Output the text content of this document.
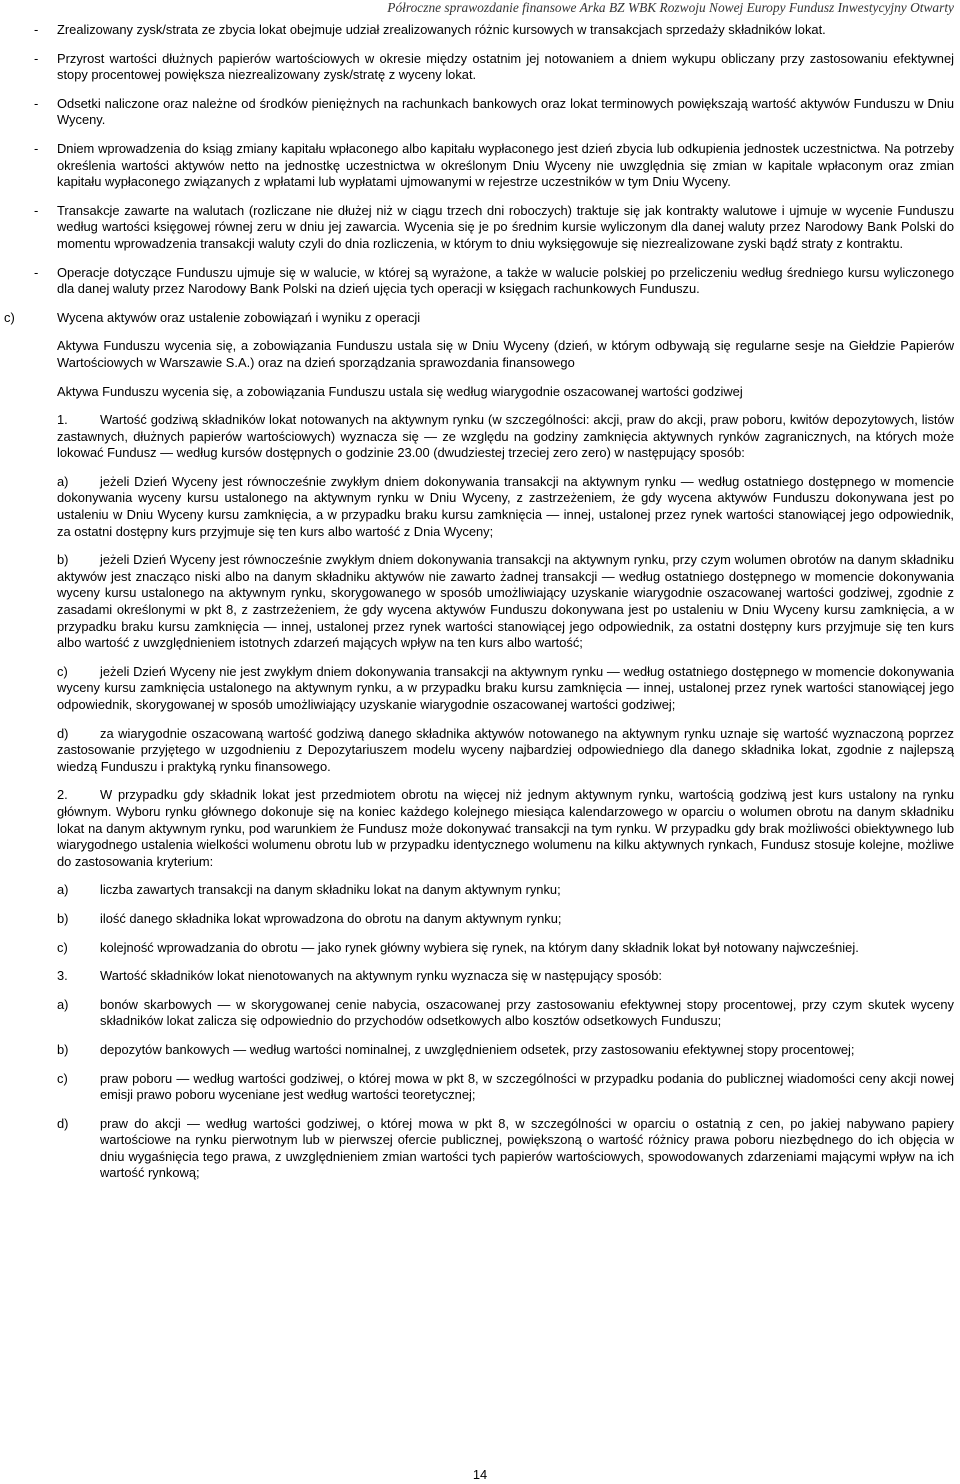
Półroczne sprawozdanie finansowe Arka BZ WBK Rozwoju Nowej Europy Fundusz Inwestycyjny Otwarty

- Zrealizowany zysk/strata ze zbycia lokat obejmuje udział zrealizowanych różnic kursowych w transakcjach sprzedaży składników lokat.

- Przyrost wartości dłużnych papierów wartościowych w okresie między ostatnim jej notowaniem a dniem wykupu obliczany przy zastosowaniu efektywnej stopy procentowej powiększa niezrealizowany zysk/stratę z wyceny lokat.

- Odsetki naliczone oraz należne od środków pieniężnych na rachunkach bankowych oraz lokat terminowych powiększają wartość aktywów Funduszu w Dniu Wyceny.

- Dniem wprowadzenia do ksiąg zmiany kapitału wpłaconego albo kapitału wypłaconego jest dzień zbycia lub odkupienia jednostek uczestnictwa. Na potrzeby określenia wartości aktywów netto na jednostkę uczestnictwa w określonym Dniu Wyceny nie uwzględnia się zmian w kapitale wpłaconym oraz zmian kapitału wypłaconego związanych z wpłatami lub wypłatami ujmowanymi w rejestrze uczestników w tym Dniu Wyceny.

- Transakcje zawarte na walutach (rozliczane nie dłużej niż w ciągu trzech dni roboczych) traktuje się jak kontrakty walutowe i ujmuje w wycenie Funduszu według wartości księgowej równej zeru w dniu jej zawarcia. Wycenia się je po średnim kursie wyliczonym dla danej waluty przez Narodowy Bank Polski do momentu wprowadzenia transakcji waluty czyli do dnia rozliczenia, w którym to dniu wyksięgowuje się niezrealizowane zyski bądź straty z kontraktu.

- Operacje dotyczące Funduszu ujmuje się w walucie, w której są wyrażone, a także w walucie polskiej po przeliczeniu według średniego kursu wyliczonego dla danej waluty przez Narodowy Bank Polski na dzień ujęcia tych operacji w księgach rachunkowych Funduszu.

c)	Wycena aktywów oraz ustalenie zobowiązań i wyniku z operacji

Aktywa Funduszu wycenia się, a zobowiązania Funduszu ustala się w Dniu Wyceny (dzień, w którym odbywają się regularne sesje na Giełdzie Papierów Wartościowych w Warszawie S.A.) oraz na dzień sporządzania sprawozdania finansowego

Aktywa Funduszu wycenia się, a zobowiązania Funduszu ustala się według wiarygodnie oszacowanej wartości godziwej

1. Wartość godziwą składników lokat notowanych na aktywnym rynku (w szczególności: akcji, praw do akcji, praw poboru, kwitów depozytowych, listów zastawnych, dłużnych papierów wartościowych) wyznacza się — ze względu na godziny zamknięcia aktywnych rynków zagranicznych, na których może lokować Fundusz — według kursów dostępnych o godzinie 23.00 (dwudziestej trzeciej zero zero) w następujący sposób:

a) jeżeli Dzień Wyceny jest równocześnie zwykłym dniem dokonywania transakcji na aktywnym rynku — według ostatniego dostępnego w momencie dokonywania wyceny kursu ustalonego na aktywnym rynku w Dniu Wyceny, z zastrzeżeniem, że gdy wycena aktywów Funduszu dokonywana jest po ustaleniu w Dniu Wyceny kursu zamknięcia, a w przypadku braku kursu zamknięcia — innej, ustalonej przez rynek wartości stanowiącej jego odpowiednik, za ostatni dostępny kurs przyjmuje się ten kurs albo wartość z Dnia Wyceny;

b) jeżeli Dzień Wyceny jest równocześnie zwykłym dniem dokonywania transakcji na aktywnym rynku, przy czym wolumen obrotów na danym składniku aktywów jest znacząco niski albo na danym składniku aktywów nie zawarto żadnej transakcji — według ostatniego dostępnego w momencie dokonywania wyceny kursu ustalonego na aktywnym rynku, skorygowanego w sposób umożliwiający uzyskanie wiarygodnie oszacowanej wartości godziwej, zgodnie z zasadami określonymi w pkt 8, z zastrzeżeniem, że gdy wycena aktywów Funduszu dokonywana jest po ustaleniu w Dniu Wyceny kursu zamknięcia, a w przypadku braku kursu zamknięcia — innej, ustalonej przez rynek wartości stanowiącej jego odpowiednik, za ostatni dostępny kurs przyjmuje się ten kurs albo wartość z uwzględnieniem istotnych zdarzeń mających wpływ na ten kurs albo wartość;

c)	jeżeli Dzień Wyceny nie jest zwykłym dniem dokonywania transakcji na aktywnym rynku — według ostatniego dostępnego w momencie dokonywania wyceny kursu zamknięcia ustalonego na aktywnym rynku, a w przypadku braku kursu zamknięcia — innej, ustalonej przez rynek wartości stanowiącej jego odpowiednik, skorygowanej w sposób umożliwiający uzyskanie wiarygodnie oszacowanej wartości godziwej;

d) za wiarygodnie oszacowaną wartość godziwą danego składnika aktywów notowanego na aktywnym rynku uznaje się wartość wyznaczoną poprzez zastosowanie przyjętego w uzgodnieniu z Depozytariuszem modelu wyceny najbardziej odpowiedniego dla danego składnika lokat, zgodnie z najlepszą wiedzą Funduszu i praktyką rynku finansowego.

2. W przypadku gdy składnik lokat jest przedmiotem obrotu na więcej niż jednym aktywnym rynku, wartością godziwą jest kurs ustalony na rynku głównym. Wyboru rynku głównego dokonuje się na koniec każdego kolejnego miesiąca kalendarzowego w oparciu o wolumen obrotu na danym składniku lokat na danym aktywnym rynku, pod warunkiem że Fundusz może dokonywać transakcji na tym rynku. W przypadku gdy brak możliwości obiektywnego lub wiarygodnego ustalenia wielkości wolumenu obrotu lub w przypadku identycznego wolumenu na kilku aktywnych rynkach, Fundusz stosuje kolejne, możliwe do zastosowania kryterium:

a) liczba zawartych transakcji na danym składniku lokat na danym aktywnym rynku;

b) ilość danego składnika lokat wprowadzona do obrotu na danym aktywnym rynku;

c)	kolejność wprowadzania do obrotu — jako rynek główny wybiera się rynek, na którym dany składnik lokat był notowany najwcześniej.

3. Wartość składników lokat nienotowanych na aktywnym rynku wyznacza się w następujący sposób:

a) bonów skarbowych — w skorygowanej cenie nabycia, oszacowanej przy zastosowaniu efektywnej stopy procentowej, przy czym skutek wyceny składników lokat zalicza się odpowiednio do przychodów odsetkowych albo kosztów odsetkowych Funduszu;

b) depozytów bankowych — według wartości nominalnej, z uwzględnieniem odsetek, przy zastosowaniu efektywnej stopy procentowej;

c)	praw poboru — według wartości godziwej, o której mowa w pkt 8, w szczególności w przypadku podania do publicznej wiadomości ceny akcji nowej emisji prawo poboru wyceniane jest według wartości teoretycznej;

d) praw do akcji — według wartości godziwej, o której mowa w pkt 8, w szczególności w oparciu o ostatnią z cen, po jakiej nabywano papiery wartościowe na rynku pierwotnym lub w pierwszej ofercie publicznej, powiększoną o wartość różnicy prawa poboru niezbędnego do ich objęcia w dniu wygaśnięcia tego prawa, z uwzględnieniem zmian wartości tych papierów wartościowych, spowodowanych zdarzeniami mającymi wpływ na ich wartość rynkową;

14
